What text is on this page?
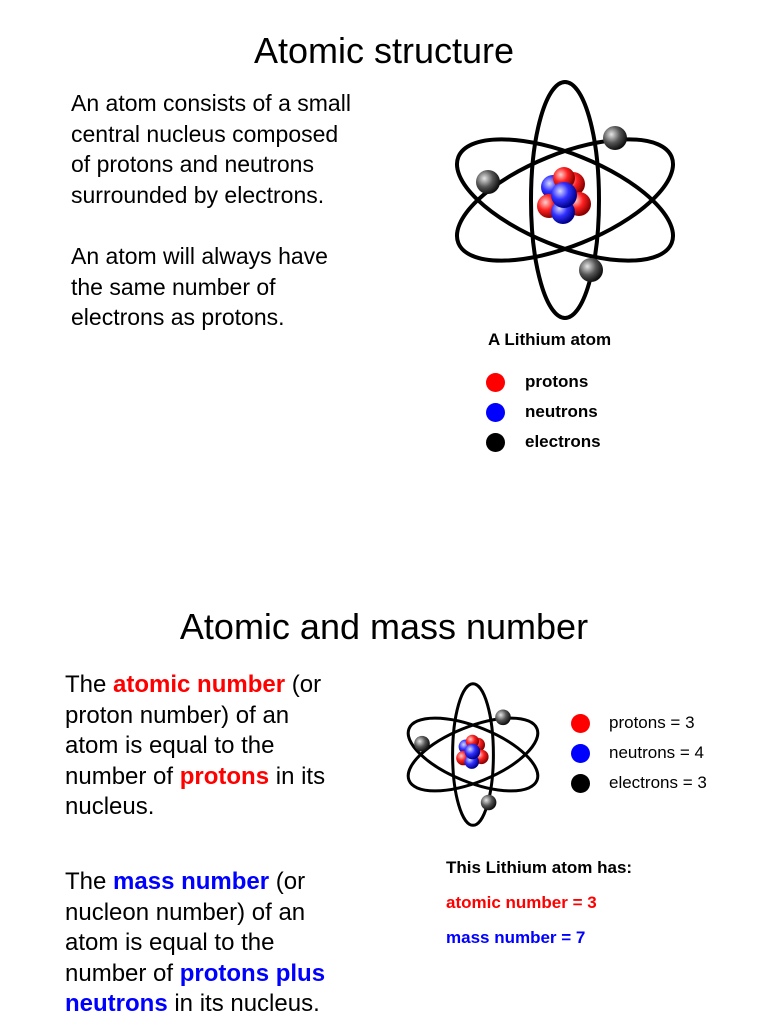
Atomic structure

An atom consists of a small

central nucleus composed

of protons and neutrons

surrounded by electrons.

An atom will always have

the same number of

electrons as protons.

A Lithium atom
protons
neutrons
electrons
Atomic and mass number

The atomic number (or

proton number) of an

atom is equal to the

number of protons in its

nucleus.

The mass number (or

nucleon number) of an

atom is equal to the

number of protons plus

neutrons in its nucleus.

protons = 3
neutrons = 4
electrons = 3
This Lithium atom has:
atomic number = 3
mass number = 7
